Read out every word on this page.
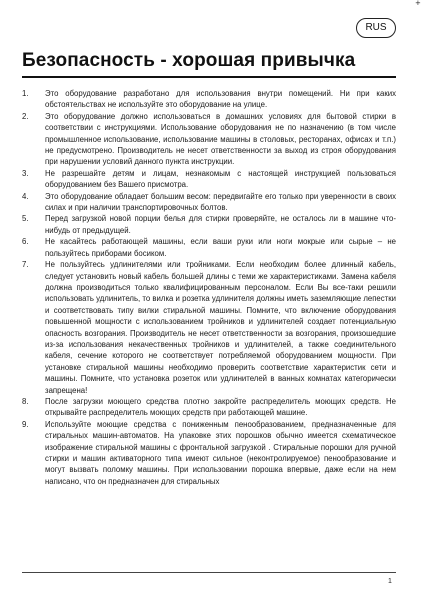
+
RUS
Безопасность - хорошая привычка
1.	Это оборудование разработано для использования внутри помещений. Ни при каких обстоятельствах не используйте это оборудование на улице.
2.	Это оборудование должно использоваться в домашних условиях для бытовой стирки в соответствии с инструкциями. Использование оборудования не по назначению (в том числе промышленное использование, использование машины в столовых, ресторанах, офисах и т.п.) не предусмотрено. Производитель не несет ответственности за выход из строя оборудования при нарушении условий данного пункта инструкции.
3.	Не разрешайте детям и лицам, незнакомым с настоящей инструкцией пользоваться оборудованием без Вашего присмотра.
4.	Это оборудование обладает большим весом: передвигайте его только при уверенности в своих силах и при наличии транспортировочных болтов.
5.	Перед загрузкой новой порции белья для стирки проверяйте, не осталось ли в машине что-нибудь от предыдущей.
6.	Не касайтесь работающей машины, если ваши руки или ноги мокрые или сырые – не пользуйтесь приборами босиком.
7.	Не пользуйтесь удлинителями или тройниками. Если необходим более длинный кабель, следует установить новый кабель большей длины с теми же характеристиками. Замена кабеля должна производиться только квалифицированным персоналом. Если Вы все-таки решили использовать удлинитель, то вилка и розетка удлинителя должны иметь заземляющие лепестки и соответствовать типу вилки стиральной машины. Помните, что включение оборудования повышенной мощности с использованием тройников и удлинителей создает потенциальную опасность возгорания. Производитель не несет ответственности за возгорания, произошедшие из-за использования некачественных тройников и удлинителей, а также соединительного кабеля, сечение которого не соответствует потребляемой оборудованием мощности. При установке стиральной машины необходимо проверить соответствие характеристик сети и машины. Помните, что установка розеток или удлинителей в ванных комнатах категорически запрещена!
8.	После загрузки моющего средства плотно закройте распределитель моющих средств. Не открывайте распределитель моющих средств при работающей машине.
9.	Используйте моющие средства с пониженным пенообразованием, предназначенные для стиральных машин-автоматов. На упаковке этих порошков обычно имеется схематическое изображение стиральной машины с фронтальной загрузкой . Стиральные порошки для ручной стирки и машин активаторного типа имеют сильное (неконтролируемое) пенообразование и могут вызвать поломку машины. При использовании порошка впервые, даже если на нем написано, что он предназначен для стиральных
1
